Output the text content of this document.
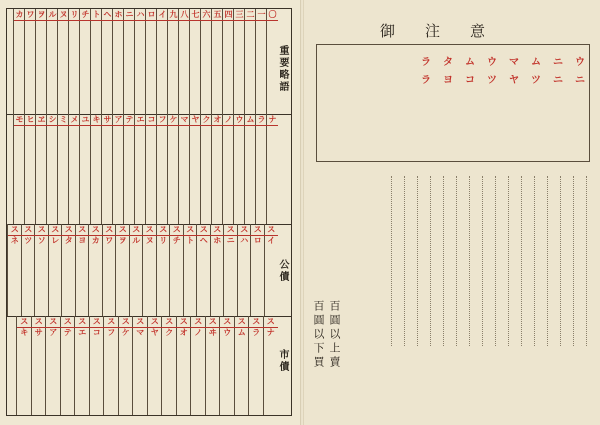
〇
一
二
三
四
五
六
七
八
九
イ
ロ
ハ
ニ
ホ
ヘ
ト
チ
リ
ヌ
ル
ヲ
ワ
カ
ナ
ラ
ム
ウ
ノ
オ
ク
ヤ
マ
ケ
フ
コ
エ
テ
ア
サ
キ
ユ
メ
ミ
シ
ヱ
ヒ
モ
スイ
スロ
スハ
スニ
スホ
スヘ
スト
スチ
スリ
スヌ
スル
スヲ
スワ
スカ
スヨ
スタ
スレ
スソ
スツ
スネ
スナ
スラ
スム
スウ
スヰ
スノ
スオ
スク
スヤ
スマ
スケ
スフ
スコ
スエ
ステ
スア
スサ
スキ
重要略語
公債
市債
御注意
ウ
ニ
ニ
ニ
ム
ツ
マ
ヤ
ウ
ツ
ム
コ
タ
ヨ
ラ
ラ
百圓以上賣
百圓以下買
